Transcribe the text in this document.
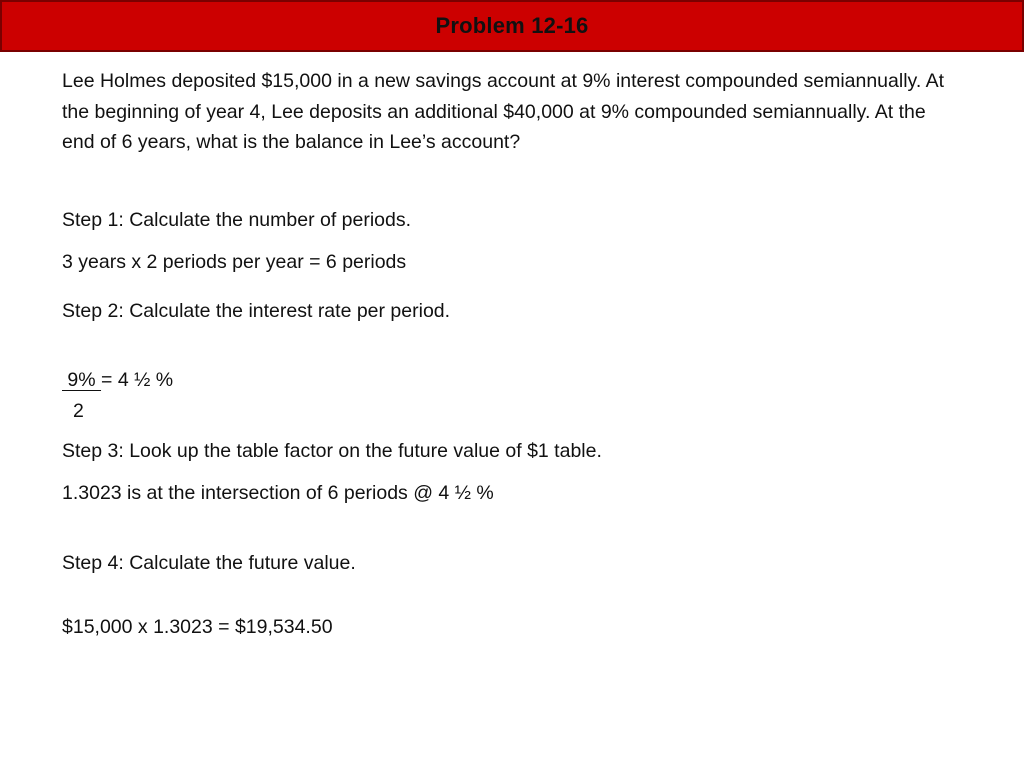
Problem 12-16

Lee Holmes deposited $15,000 in a new savings account at 9% interest compounded semiannually. At the beginning of year 4, Lee deposits an additional $40,000 at 9% compounded semiannually. At the end of 6 years, what is the balance in Lee’s account?

Step 1: Calculate the number of periods.
3 years x 2 periods per year = 6 periods
Step 2: Calculate the interest rate per period.
9% = 4 ½ %
2
Step 3: Look up the table factor on the future value of $1 table.
1.3023 is at the intersection of 6 periods @ 4 ½ %
Step 4: Calculate the future value.
$15,000 x 1.3023 = $19,534.50
